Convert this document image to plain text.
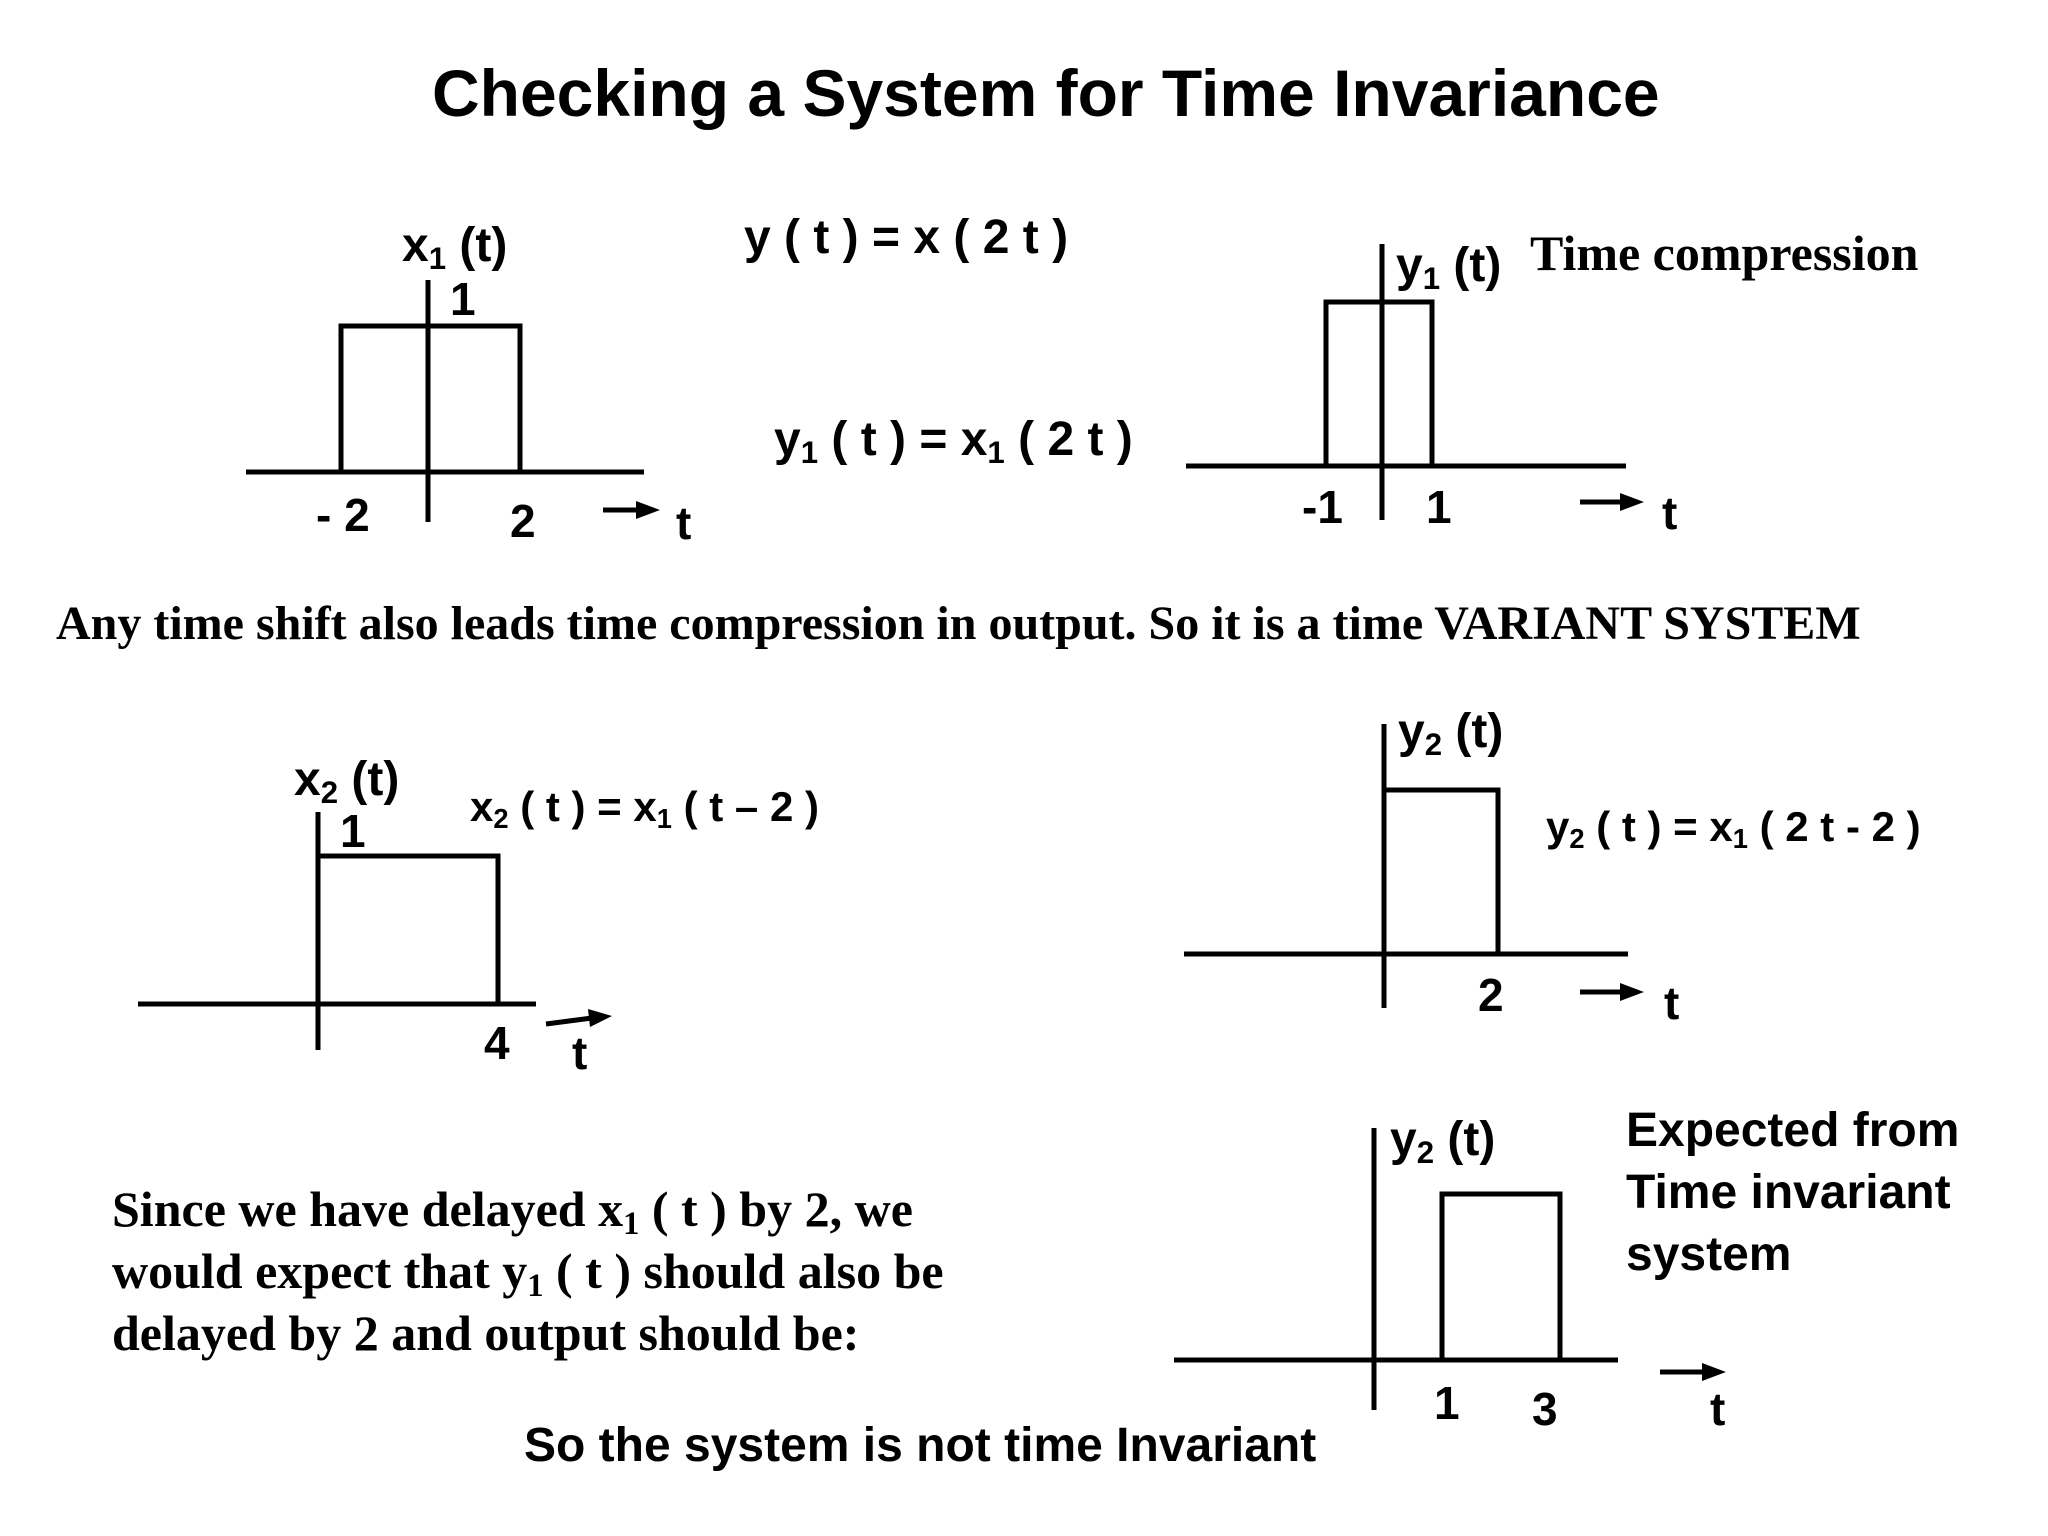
Checking a System for Time Invariance
$x_1$ (t)
1
- 2	2	t
y ( t ) = x ( 2 t )
$y_1$ ( t ) = $x_1$ ( 2 t )
$y_1$ (t) Time compression
-1 1	t
Any time shift also leads time compression in output. So it is a time VARIANT SYSTEM
$x_2$ (t)
1 $x_2$ ( t ) = $x_1$ ( t – 2 )
4 t
$y_2$ (t)
$y_2$ ( t ) = $x_1$ ( 2 t - 2 )
2	t
$y_2$ (t)
1 3	t
Expected from
Time invariant
system
Since we have delayed $x_1$ ( t ) by 2, we
would expect that $y_1$ ( t ) should also be
delayed by 2 and output should be:
So the system is not time Invariant
